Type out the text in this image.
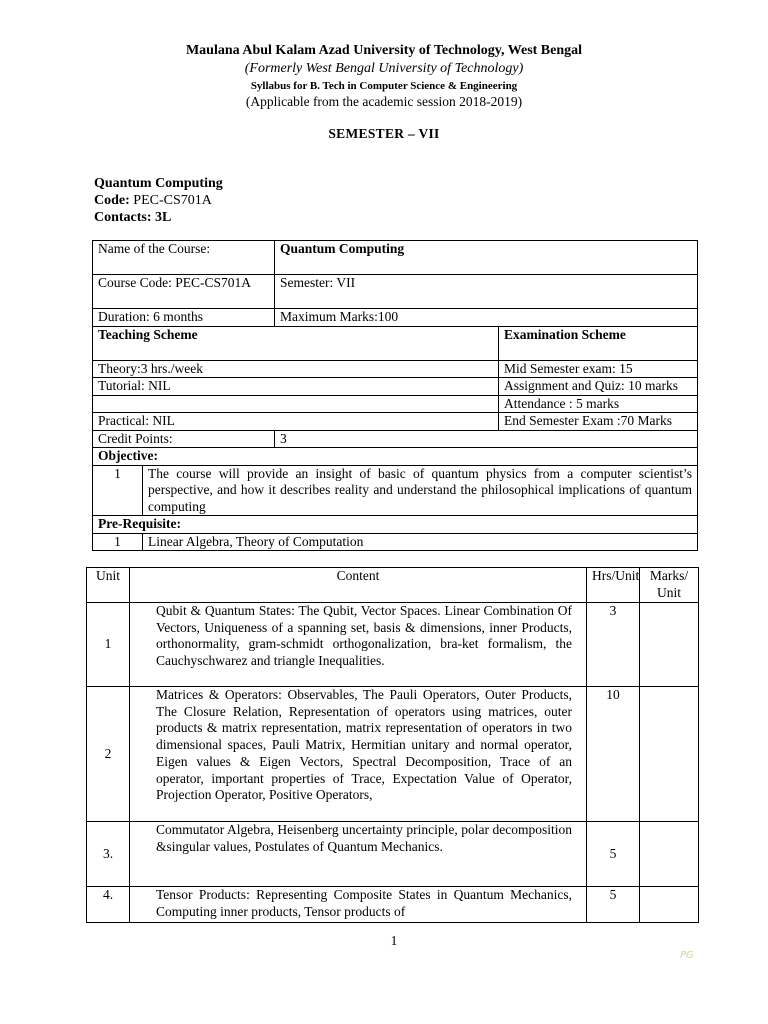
Maulana Abul Kalam Azad University of Technology, West Bengal
(Formerly West Bengal University of Technology)
Syllabus for B. Tech in Computer Science & Engineering
(Applicable from the academic session 2018-2019)
SEMESTER – VII
Quantum Computing
Code: PEC-CS701A
Contacts: 3L
Name of the Course:		Quantum Computing	
Course Code: PEC-CS701A		Semester: VII	
Duration: 6 months		Maximum Marks:100	
Teaching Scheme			Examination Scheme
Theory:3 hrs./week			Mid Semester exam: 15
Tutorial: NIL			Assignment and Quiz: 10 marks
			Attendance : 5 marks
Practical: NIL			End Semester Exam :70 Marks
Credit Points:		3	
Objective:			
1	The course will provide an insight of basic of quantum physics from a computer scientist’s perspective, and how it describes reality and understand the philosophical implications of quantum computing		
Pre-Requisite:			
1	Linear Algebra, Theory of Computation		
Unit	Content	Hrs/Unit	Marks/ Unit
1	Qubit & Quantum States: The Qubit, Vector Spaces. Linear Combination Of Vectors, Uniqueness of a spanning set, basis & dimensions, inner Products, orthonormality, gram-schmidt orthogonalization, bra-ket formalism, the Cauchyschwarez and triangle Inequalities.	3	
2	Matrices & Operators: Observables, The Pauli Operators, Outer Products, The Closure Relation, Representation of operators using matrices, outer products & matrix representation, matrix representation of operators in two dimensional spaces, Pauli Matrix, Hermitian unitary and normal operator, Eigen values & Eigen Vectors, Spectral Decomposition, Trace of an operator, important properties of Trace, Expectation Value of Operator, Projection Operator, Positive Operators,	10	
3.	Commutator Algebra, Heisenberg uncertainty principle, polar decomposition &singular values, Postulates of Quantum Mechanics.	5	
4.	Tensor Products: Representing Composite States in Quantum Mechanics, Computing inner products, Tensor products of	5	
1
PG
